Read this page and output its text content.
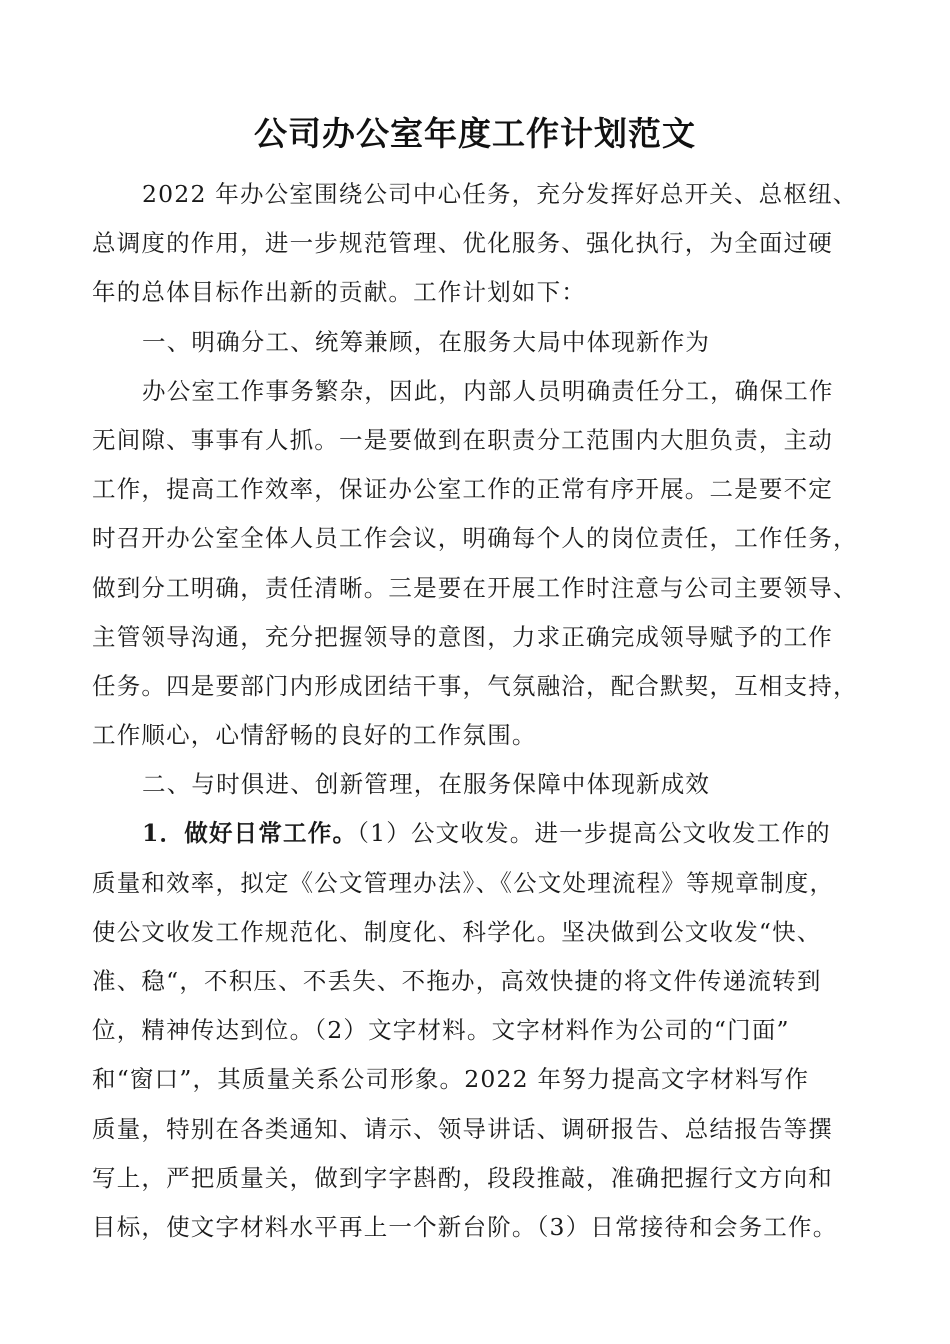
公司办公室年度工作计划范文
2022 年办公室围绕公司中心任务，充分发挥好总开关、总枢纽、
总调度的作用，进一步规范管理、优化服务、强化执行，为全面过硬
年的总体目标作出新的贡献。工作计划如下：
一、明确分工、统筹兼顾，在服务大局中体现新作为
办公室工作事务繁杂，因此，内部人员明确责任分工，确保工作
无间隙、事事有人抓。一是要做到在职责分工范围内大胆负责，主动
工作，提高工作效率，保证办公室工作的正常有序开展。二是要不定
时召开办公室全体人员工作会议，明确每个人的岗位责任，工作任务，
做到分工明确，责任清晰。三是要在开展工作时注意与公司主要领导、
主管领导沟通，充分把握领导的意图，力求正确完成领导赋予的工作
任务。四是要部门内形成团结干事，气氛融洽，配合默契，互相支持，
工作顺心，心情舒畅的良好的工作氛围。
二、与时俱进、创新管理，在服务保障中体现新成效
1．做好日常工作。（1）公文收发。进一步提高公文收发工作的
质量和效率，拟定《公文管理办法》、《公文处理流程》等规章制度，
使公文收发工作规范化、制度化、科学化。坚决做到公文收发“快、
准、稳“，不积压、不丢失、不拖办，高效快捷的将文件传递流转到
位，精神传达到位。（2）文字材料。文字材料作为公司的“门面”
和“窗口”，其质量关系公司形象。2022 年努力提高文字材料写作
质量，特别在各类通知、请示、领导讲话、调研报告、总结报告等撰
写上，严把质量关，做到字字斟酌，段段推敲，准确把握行文方向和
目标，使文字材料水平再上一个新台阶。（3）日常接待和会务工作。
